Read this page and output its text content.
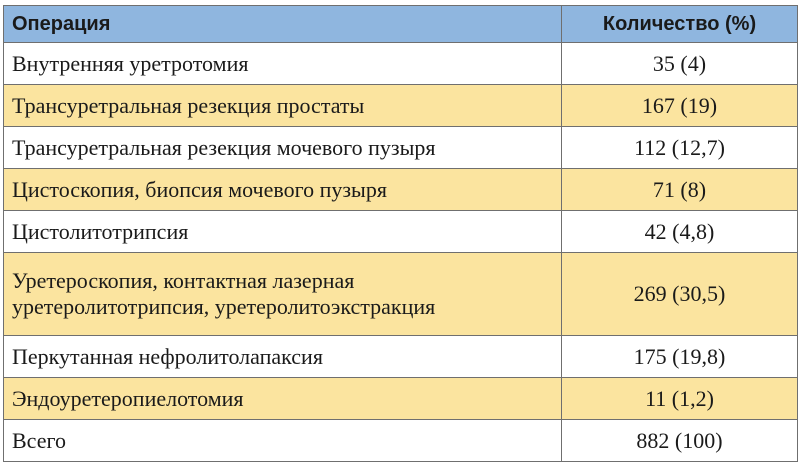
Операция	Количество (%)
Внутренняя уретротомия	35 (4)
Трансуретральная резекция простаты	167 (19)
Трансуретральная резекция мочевого пузыря	112 (12,7)
Цистоскопия, биопсия мочевого пузыря	71 (8)
Цистолитотрипсия	42 (4,8)
Уретероскопия, контактная лазерная
уретеролитотрипсия, уретеролитоэкстракция	269 (30,5)
Перкутанная нефролитолапаксия	175 (19,8)
Эндоуретеропиелотомия	11 (1,2)
Всего	882 (100)
